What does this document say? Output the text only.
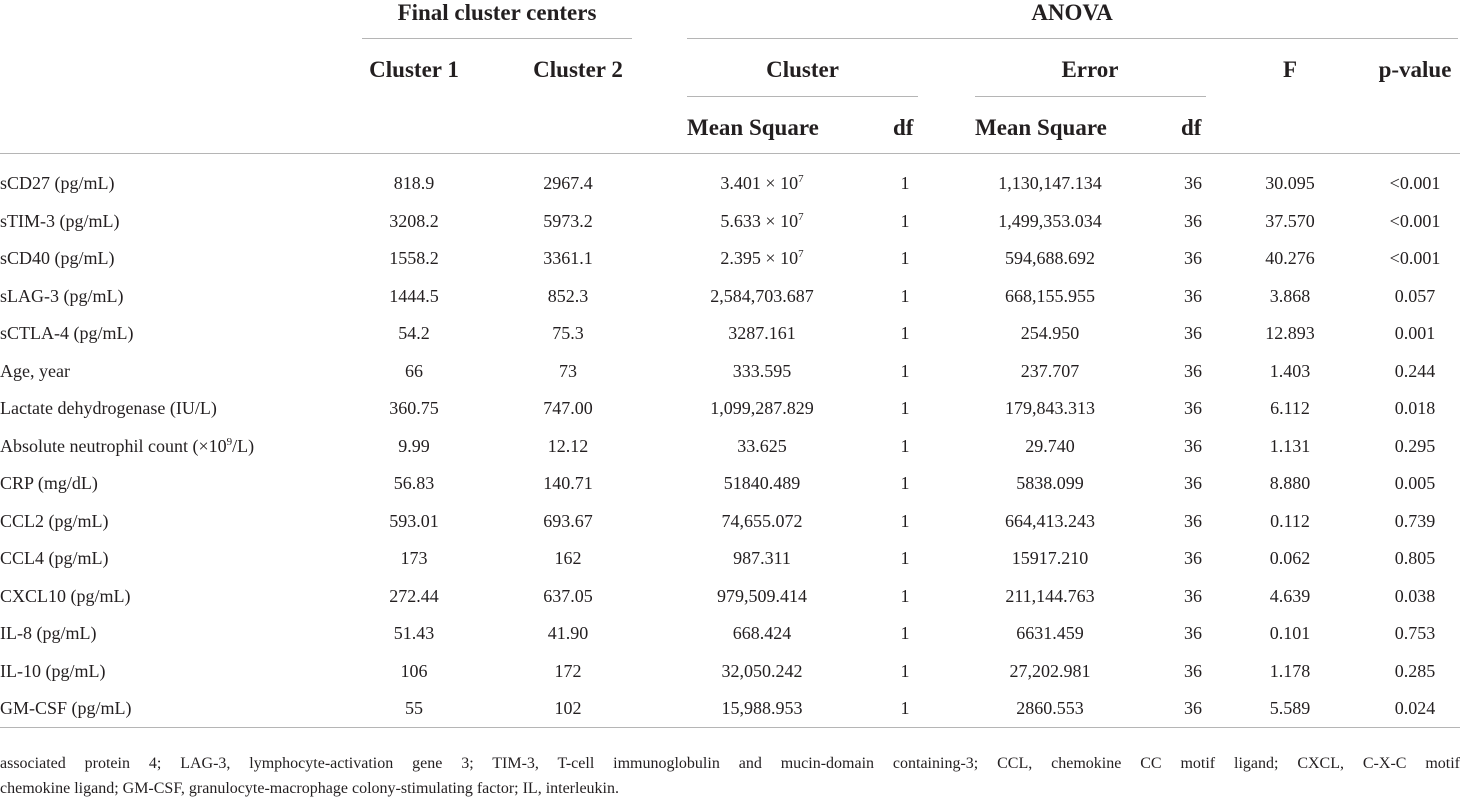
Final cluster centers	ANOVA
Cluster 1	Cluster 2	Cluster	Error	F	p-value
Mean Square	df	Mean Square	df
sCD27 (pg/mL)	818.9	2967.4	$3.401 \times 10^7$	1	1,130,147.134	36	30.095	<0.001
sTIM-3 (pg/mL)	3208.2	5973.2	$5.633 \times 10^7$	1	1,499,353.034	36	37.570	<0.001
sCD40 (pg/mL)	1558.2	3361.1	$2.395 \times 10^7$	1	594,688.692	36	40.276	<0.001
sLAG-3 (pg/mL)	1444.5	852.3	2,584,703.687	1	668,155.955	36	3.868	0.057
sCTLA-4 (pg/mL)	54.2	75.3	3287.161	1	254.950	36	12.893	0.001
Age, year	66	73	333.595	1	237.707	36	1.403	0.244
Lactate dehydrogenase (IU/L)	360.75	747.00	1,099,287.829	1	179,843.313	36	6.112	0.018
Absolute neutrophil count $(\times 10^9/L)$	9.99	12.12	33.625	1	29.740	36	1.131	0.295
CRP (mg/dL)	56.83	140.71	51840.489	1	5838.099	36	8.880	0.005
CCL2 (pg/mL)	593.01	693.67	74,655.072	1	664,413.243	36	0.112	0.739
CCL4 (pg/mL)	173	162	987.311	1	15917.210	36	0.062	0.805
CXCL10 (pg/mL)	272.44	637.05	979,509.414	1	211,144.763	36	4.639	0.038
IL-8 (pg/mL)	51.43	41.90	668.424	1	6631.459	36	0.101	0.753
IL-10 (pg/mL)	106	172	32,050.242	1	27,202.981	36	1.178	0.285
GM-CSF (pg/mL)	55	102	15,988.953	1	2860.553	36	5.589	0.024
associated protein 4; LAG-3, lymphocyte-activation gene 3; TIM-3, T-cell immunoglobulin and mucin-domain containing-3; CCL, chemokine CC motif ligand; CXCL, C-X-C motif
chemokine ligand; GM-CSF, granulocyte-macrophage colony-stimulating factor; IL, interleukin.
